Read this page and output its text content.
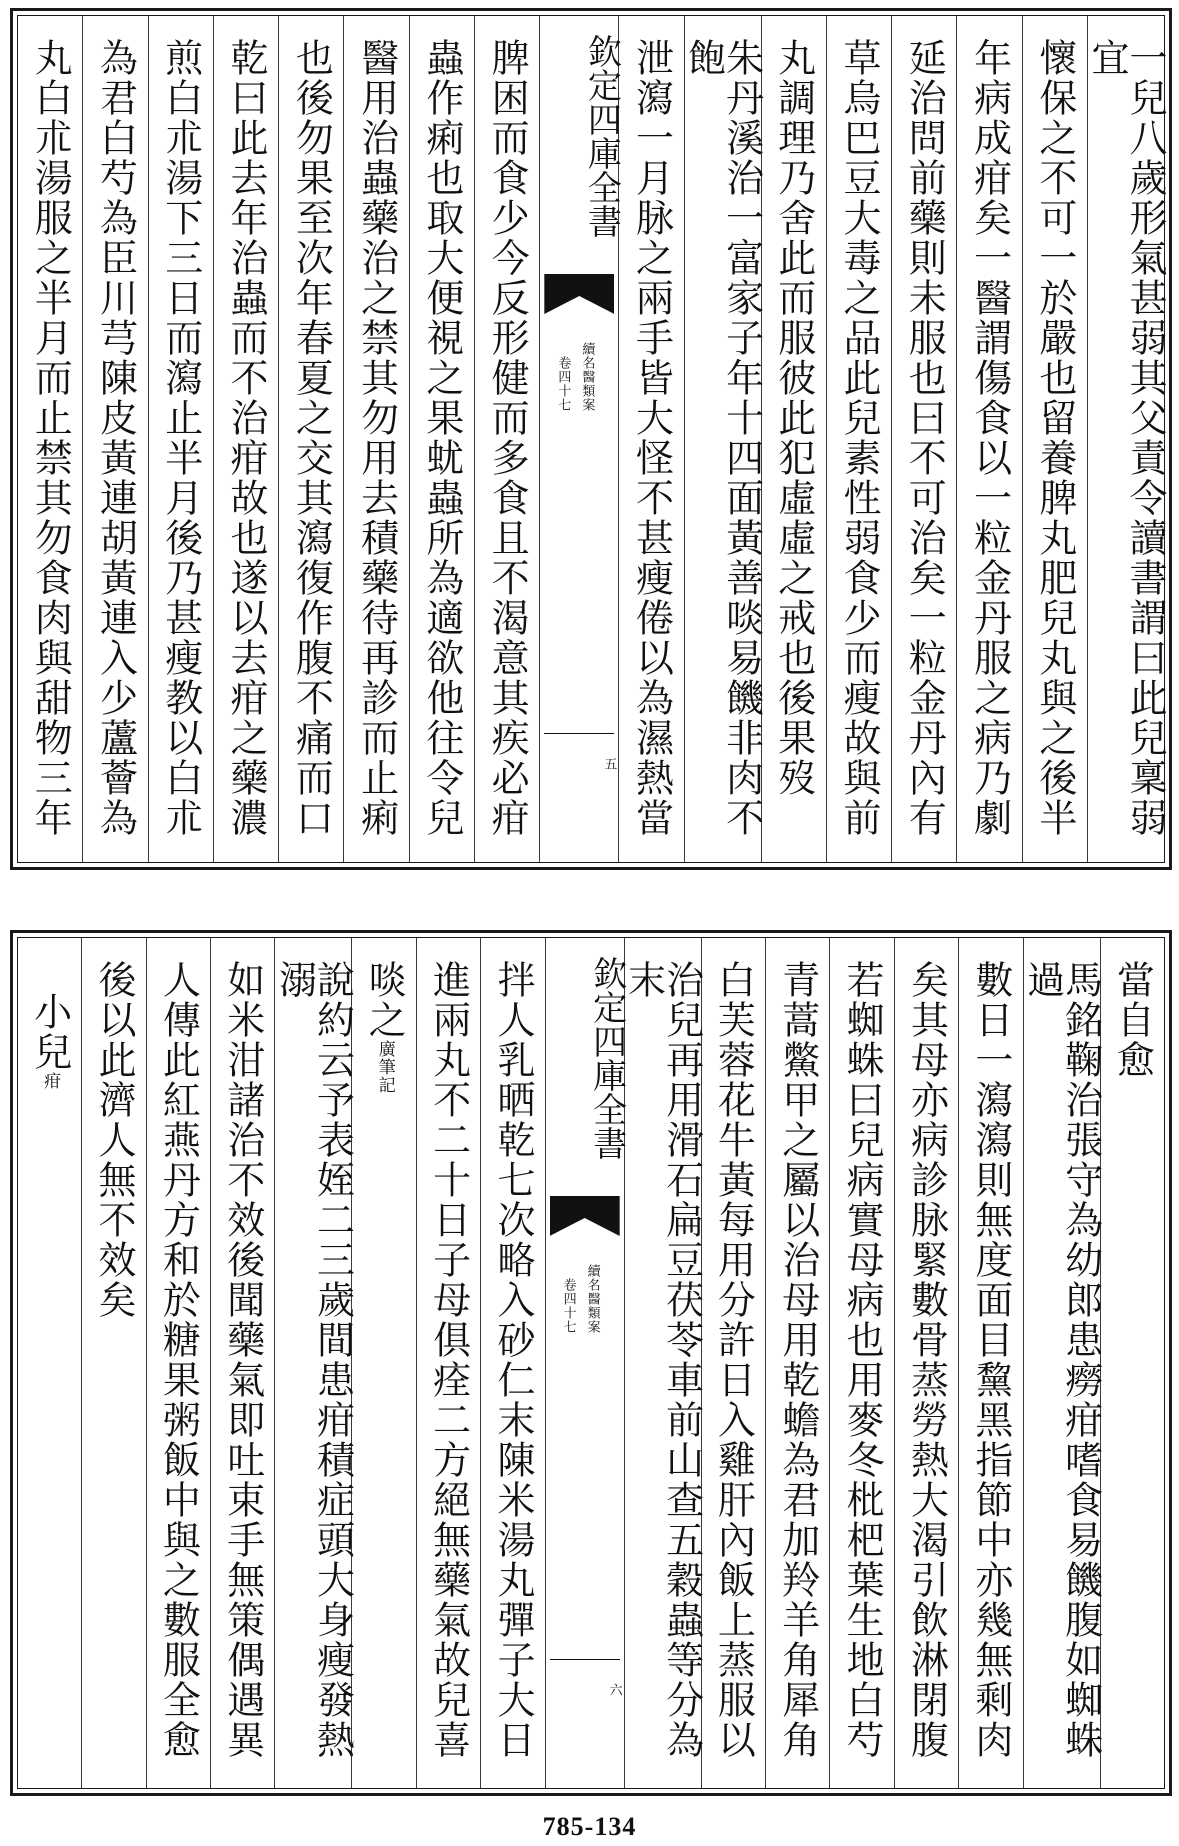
一兒八歲形氣甚弱其父責令讀書謂曰此兒稟弱宜
懷保之不可一於嚴也留養脾丸肥兒丸與之後半
年病成疳矣一醫謂傷食以一粒金丹服之病乃劇
延治問前藥則未服也曰不可治矣一粒金丹內有
草烏巴豆大毒之品此兒素性弱食少而瘦故與前
丸調理乃舍此而服彼此犯虛虛之戒也後果歿
朱丹溪治一富家子年十四面黃善啖易饑非肉不飽
泄瀉一月脉之兩手皆大怪不甚瘦倦以為濕熱當
欽定四庫全書
續名醫類案
卷四十七
五
脾困而食少今反形健而多食且不渴意其疾必疳
蟲作痢也取大便視之果蚘蟲所為適欲他往令兒
醫用治蟲藥治之禁其勿用去積藥待再診而止痢
也後勿果至次年春夏之交其瀉復作腹不痛而口
乾曰此去年治蟲而不治疳故也遂以去疳之藥濃
煎白朮湯下三日而瀉止半月後乃甚瘦教以白朮
為君白芍為臣川芎陳皮黃連胡黃連入少蘆薈為
丸白朮湯服之半月而止禁其勿食肉與甜物三年
當自愈
馬銘鞠治張守為幼郎患癆疳嗜食易饑腹如蜘蛛過
數日一瀉瀉則無度面目黧黑指節中亦幾無剩肉
矣其母亦病診脉緊數骨蒸勞熱大渴引飲淋閉腹
若蜘蛛曰兒病實母病也用麥冬枇杷葉生地白芍
青蒿鱉甲之屬以治母用乾蟾為君加羚羊角犀角
白芙蓉花牛黃每用分許日入雞肝內飯上蒸服以
治兒再用滑石扁豆茯苓車前山查五穀蟲等分為末
欽定四庫全書
續名醫類案
卷四十七
六
拌人乳晒乾七次略入砂仁末陳米湯丸彈子大日
進兩丸不二十日子母俱痊二方絕無藥氣故兒喜
啖之
廣筆記
說約云予表姪二三歲間患疳積症頭大身瘦發熱溺
如米泔諸治不效後聞藥氣即吐束手無策偶遇異
人傳此紅燕丹方和於糖果粥飯中與之數服全愈
後以此濟人無不效矣
小兒
疳
785-134
